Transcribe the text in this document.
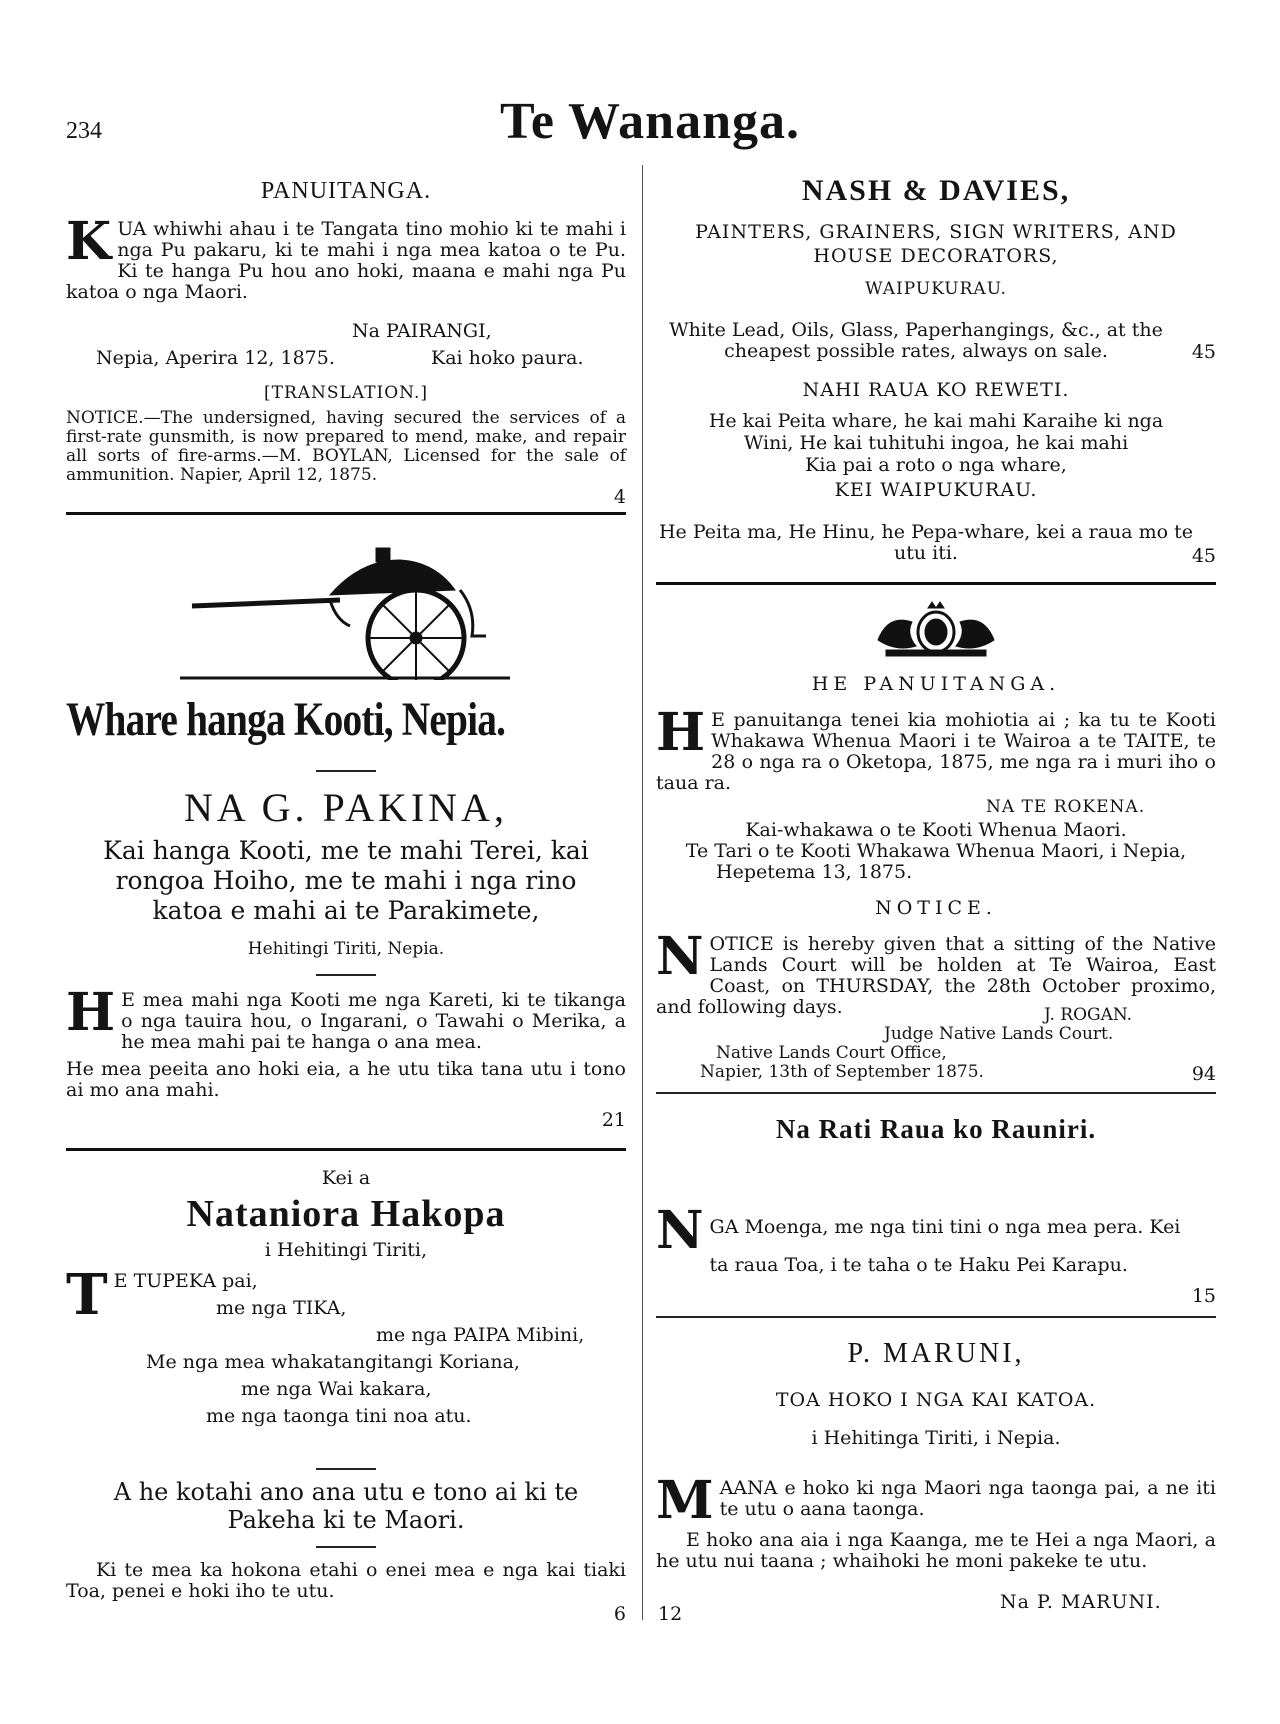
234	Te Wananga.
PANUITANGA.
K UA whiwhi ahau i te Tangata tino mohio ki te mahi i nga Pu pakaru, ki te mahi i nga mea katoa o te Pu. Ki te hanga Pu hou ano hoki, maana e mahi nga Pu katoa o nga Maori.
Na PAIRANGI,
Nepia, Aperira 12, 1875.	Kai hoko paura.
[TRANSLATION.]
NOTICE.—The undersigned, having secured the services of a first-rate gunsmith, is now prepared to mend, make, and repair all sorts of fire-arms.—M. BOYLAN, Licensed for the sale of ammunition. Napier, April 12, 1875.
4
Whare hanga Kooti, Nepia.
NA G. PAKINA,
Kai hanga Kooti, me te mahi Terei, kai
rongoa Hoiho, me te mahi i nga rino
katoa e mahi ai te Parakimete,
Hehitingi Tiriti, Nepia.
H E mea mahi nga Kooti me nga Kareti, ki te tikanga o nga tauira hou, o Ingarani, o Tawahi o Merika, a he mea mahi pai te hanga o ana mea.

He mea peeita ano hoki eia, a he utu tika tana utu i tono ai mo ana mahi.

21
Kei a
Nataniora Hakopa
i Hehitingi Tiriti,
T E TUPEKA pai,
me nga TIKA,
me nga PAIPA Mibini,
Me nga mea whakatangitangi Koriana,
me nga Wai kakara,
me nga taonga tini noa atu.
A he kotahi ano ana utu e tono ai ki te
Pakeha ki te Maori.
Ki te mea ka hokona etahi o enei mea e nga kai tiaki Toa, penei e hoki iho te utu.
6
NASH & DAVIES,
PAINTERS, GRAINERS, SIGN WRITERS, AND
HOUSE DECORATORS,
WAIPUKURAU.
White Lead, Oils, Glass, Paperhangings, &c., at the cheapest possible rates, always on sale.	45
NAHI RAUA KO REWETI.
He kai Peita whare, he kai mahi Karaihe ki nga
Wini, He kai tuhituhi ingoa, he kai mahi
Kia pai a roto o nga whare,
KEI WAIPUKURAU.
He Peita ma, He Hinu, he Pepa-whare, kei a raua mo te utu iti.	45
HE PANUITANGA.
H E panuitanga tenei kia mohiotia ai ; ka tu te Kooti Whakawa Whenua Maori i te Wairoa a te TAITE, te 28 o nga ra o Oketopa, 1875, me nga ra i muri iho o taua ra.
NA TE ROKENA.
Kai-whakawa o te Kooti Whenua Maori.
Te Tari o te Kooti Whakawa Whenua Maori, i Nepia,
Hepetema 13, 1875.
NOTICE.
N OTICE is hereby given that a sitting of the Native Lands Court will be holden at Te Wairoa, East Coast, on THURSDAY, the 28th October proximo, and following days.	J. ROGAN.
Judge Native Lands Court.
Native Lands Court Office,
Napier, 13th of September 1875.	94
Na Rati Raua ko Rauniri.
N GA Moenga, me nga tini tini o nga mea pera. Kei
ta raua Toa, i te taha o te Haku Pei Karapu.
15
P. MARUNI,
TOA HOKO I NGA KAI KATOA.
i Hehitinga Tiriti, i Nepia.
M AANA e hoko ki nga Maori nga taonga pai, a ne iti te utu o aana taonga.

E hoko ana aia i nga Kaanga, me te Hei a nga Maori, a he utu nui taana ; whaihoki he moni pakeke te utu.

Na P. MARUNI.
12
